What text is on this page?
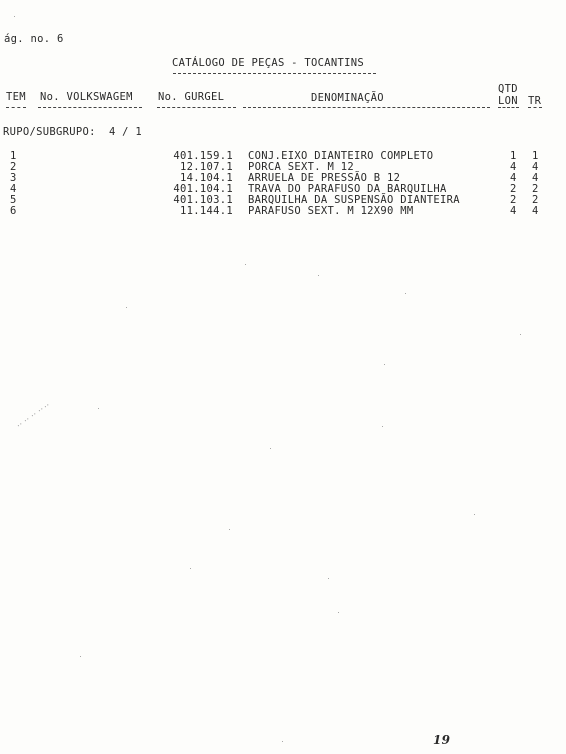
ág. no. 6
CATÁLOGO DE PEÇAS - TOCANTINS
TEM No. VOLKSWAGEM No. GURGEL	DENOMINAÇÃO
QTD
LON TR
RUPO/SUBGRUPO:  4 / 1
1	401.159.1 CONJ.EIXO DIANTEIRO COMPLETO	1 1
2	12.107.1 PORCA SEXT. M 12	4 4
3	14.104.1 ARRUELA DE PRESSÃO B 12	4 4
4	401.104.1 TRAVA DO PARAFUSO DA BARQUILHA	2 2
5	401.103.1 BARQUILHA DA SUSPENSÃO DIANTEIRA	2 2
6	11.144.1 PARAFUSO SEXT. M 12X90 MM	4 4
19
